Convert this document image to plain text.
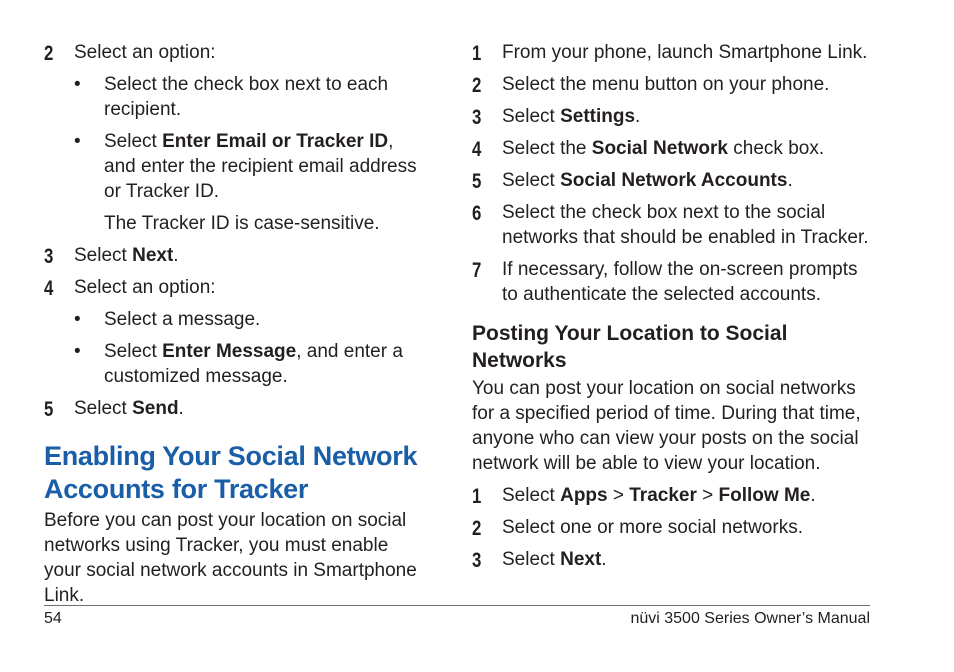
2 Select an option:
• Select the check box next to each recipient.
• Select Enter Email or Tracker ID, and enter the recipient email address or Tracker ID.
The Tracker ID is case-sensitive.
3 Select Next.
4 Select an option:
• Select a message.
• Select Enter Message, and enter a customized message.
5 Select Send.
Enabling Your Social Network Accounts for Tracker
Before you can post your location on social networks using Tracker, you must enable your social network accounts in Smartphone Link.
1 From your phone, launch Smartphone Link.
2 Select the menu button on your phone.
3 Select Settings.
4 Select the Social Network check box.
5 Select Social Network Accounts.
6 Select the check box next to the social networks that should be enabled in Tracker.
7 If necessary, follow the on-screen prompts to authenticate the selected accounts.
Posting Your Location to Social Networks
You can post your location on social networks for a specified period of time. During that time, anyone who can view your posts on the social network will be able to view your location.
1 Select Apps > Tracker > Follow Me.
2 Select one or more social networks.
3 Select Next.
54	nüvi 3500 Series Owner’s Manual
